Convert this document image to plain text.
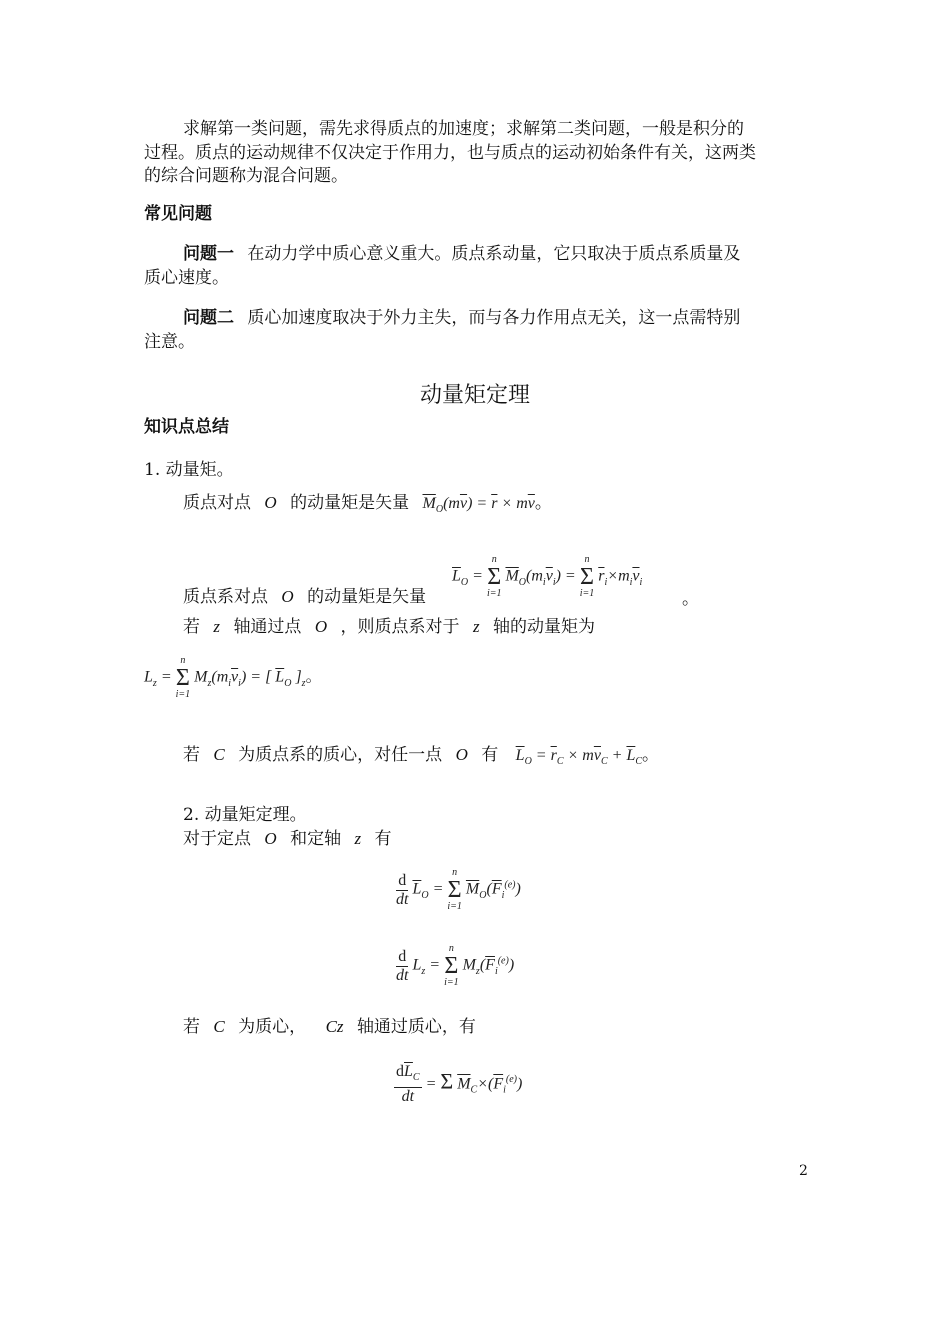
求解第一类问题，需先求得质点的加速度；求解第二类问题，一般是积分的
过程。质点的运动规律不仅决定于作用力，也与质点的运动初始条件有关，这两类
的综合问题称为混合问题。
常见问题
问题一 在动力学中质心意义重大。质点系动量，它只取决于质点系质量及
质心速度。
问题二 质心加速度取决于外力主失，而与各力作用点无关，这一点需特别
注意。
动量矩定理
知识点总结
1. 动量矩。
质点对点 O 的动量矩是矢量 $\overline{M}_O(m\overline{v}) = \overline{r} \times m\overline{v}$。
$\overline{L}_O$ =
n
Σ
i=1
$\overline{M}_O(m_i\overline{v}_i)$ =
n
Σ
i=1
$\overline{r}_i\times m_i\overline{v}_i$
质点系对点 O 的动量矩是矢量	。
若 z 轴通过点 O ，则质点系对于 z 轴的动量矩为
$L_z$ =
n
Σ
i=1
$M_z(m_i\overline{v}_i)$ = [ $\overline{L}_O$ ]$_z$。
若 C 为质点系的质心，对任一点 O 有 $\overline{L}_O = \overline{r}_C \times m\overline{v}_C + \overline{L}_C$。
2. 动量矩定理。
对于定点 O 和定轴 z 有
$\frac{d}{dt} \overline{L}_O$ =
n
Σ
i=1
$\overline{M}_O(\overline{F}_i^{(e)})$
$\frac{d}{dt} L_z$ =
n
Σ
i=1
$M_z(\overline{F}_i^{(e)})$
若 C 为质心， Cz 轴通过质心，有
$\frac{d\overline{L}_C}{dt} = \Sigma$ $\overline{M}_C\times(\overline{F}_i^{(e)})$
2
